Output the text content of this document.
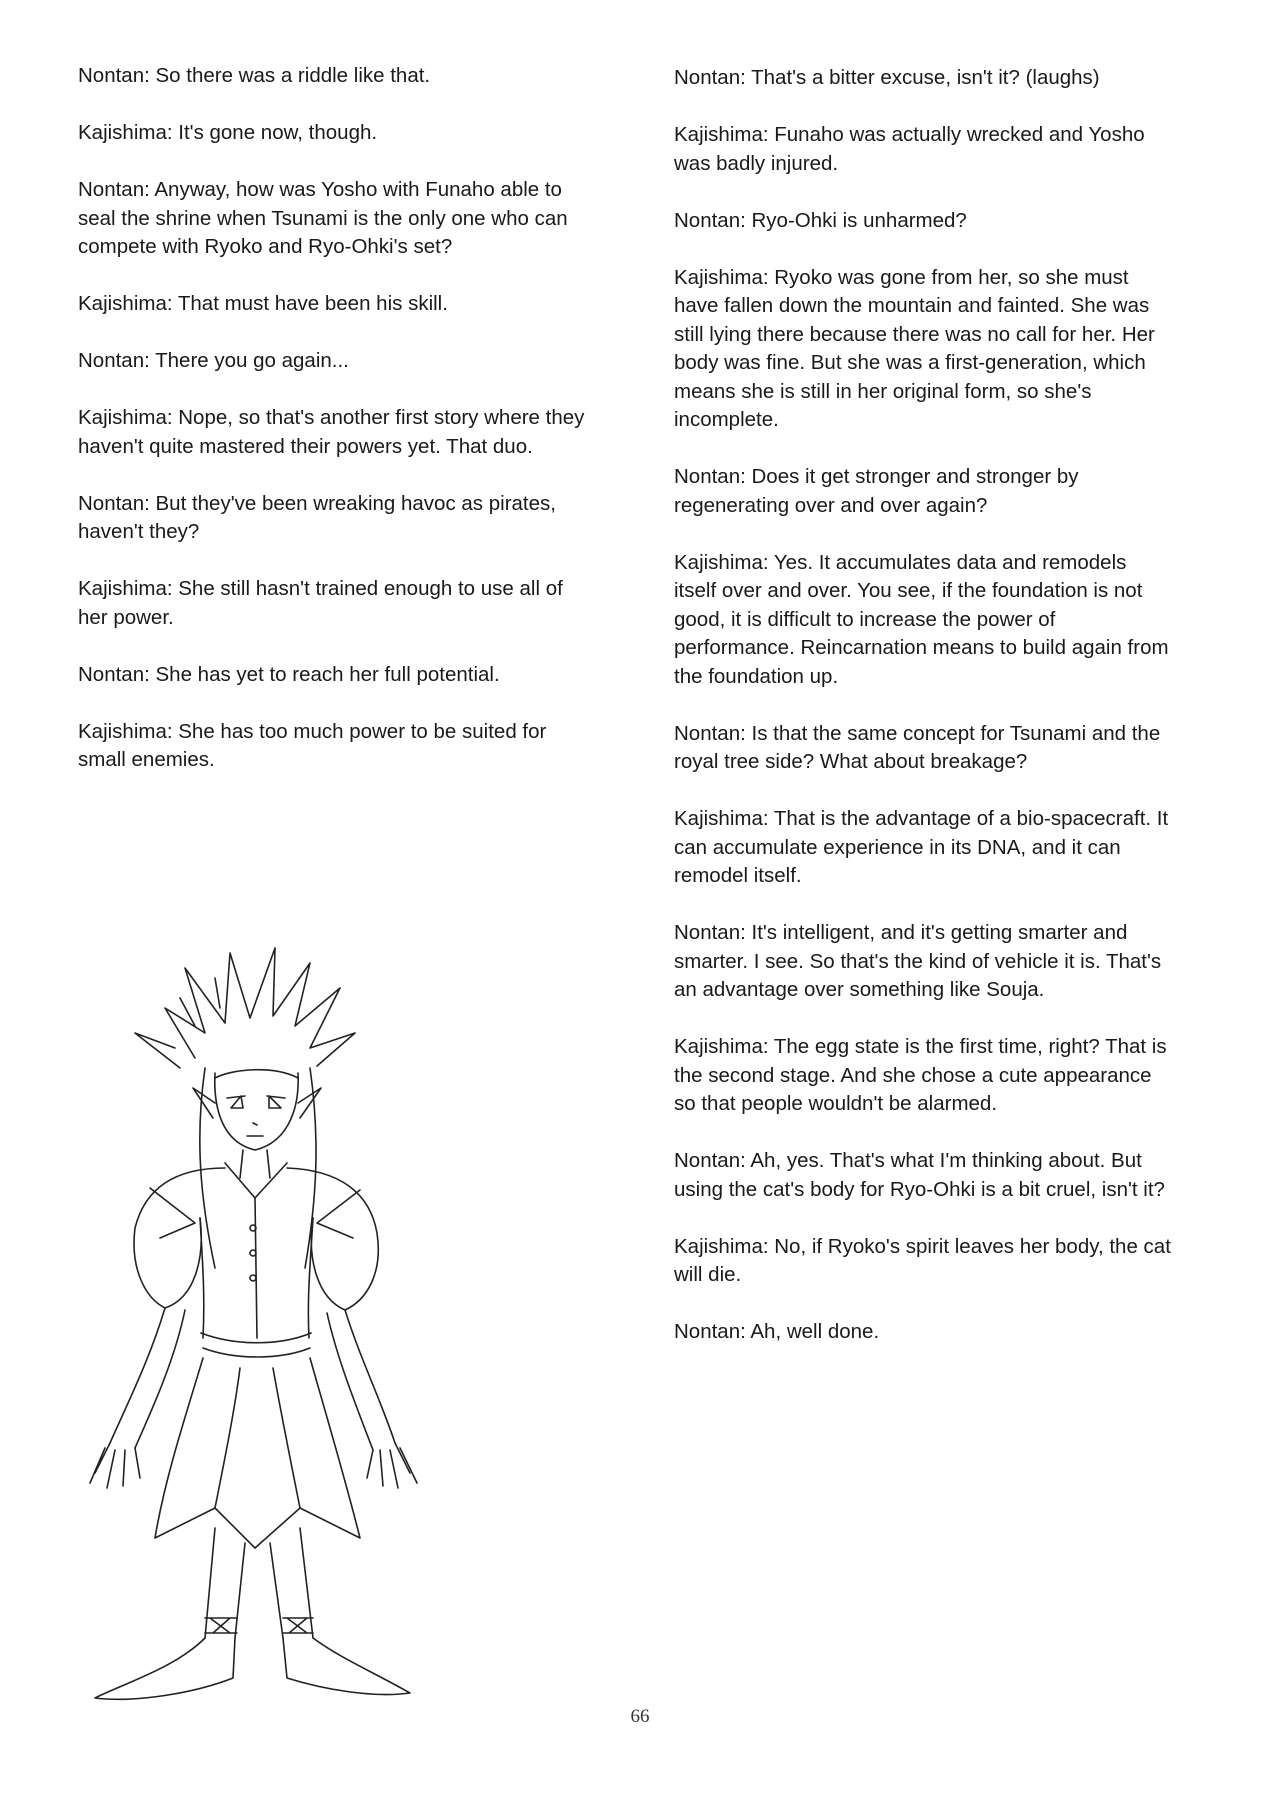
Nontan: So there was a riddle like that.

Kajishima: It's gone now, though.

Nontan: Anyway, how was Yosho with Funaho able to seal the shrine when Tsunami is the only one who can compete with Ryoko and Ryo-Ohki's set?

Kajishima: That must have been his skill.

Nontan: There you go again...

Kajishima: Nope, so that's another first story where they haven't quite mastered their powers yet. That duo.

Nontan: But they've been wreaking havoc as pirates, haven't they?

Kajishima: She still hasn't trained enough to use all of her power.

Nontan: She has yet to reach her full potential.

Kajishima: She has too much power to be suited for small enemies.

Nontan: That's a bitter excuse, isn't it? (laughs)

Kajishima: Funaho was actually wrecked and Yosho was badly injured.

Nontan: Ryo-Ohki is unharmed?

Kajishima: Ryoko was gone from her, so she must have fallen down the mountain and fainted. She was still lying there because there was no call for her. Her body was fine. But she was a first-generation, which means she is still in her original form, so she's incomplete.

Nontan: Does it get stronger and stronger by regenerating over and over again?

Kajishima: Yes. It accumulates data and remodels itself over and over. You see, if the foundation is not good, it is difficult to increase the power of performance. Reincarnation means to build again from the foundation up.

Nontan: Is that the same concept for Tsunami and the royal tree side? What about breakage?

Kajishima: That is the advantage of a bio-spacecraft. It can accumulate experience in its DNA, and it can remodel itself.

Nontan: It's intelligent, and it's getting smarter and smarter. I see. So that's the kind of vehicle it is. That's an advantage over something like Souja.

Kajishima: The egg state is the first time, right? That is the second stage. And she chose a cute appearance so that people wouldn't be alarmed.

Nontan: Ah, yes. That's what I'm thinking about. But using the cat's body for Ryo-Ohki is a bit cruel, isn't it?

Kajishima: No, if Ryoko's spirit leaves her body, the cat will die.

Nontan: Ah, well done.

66
